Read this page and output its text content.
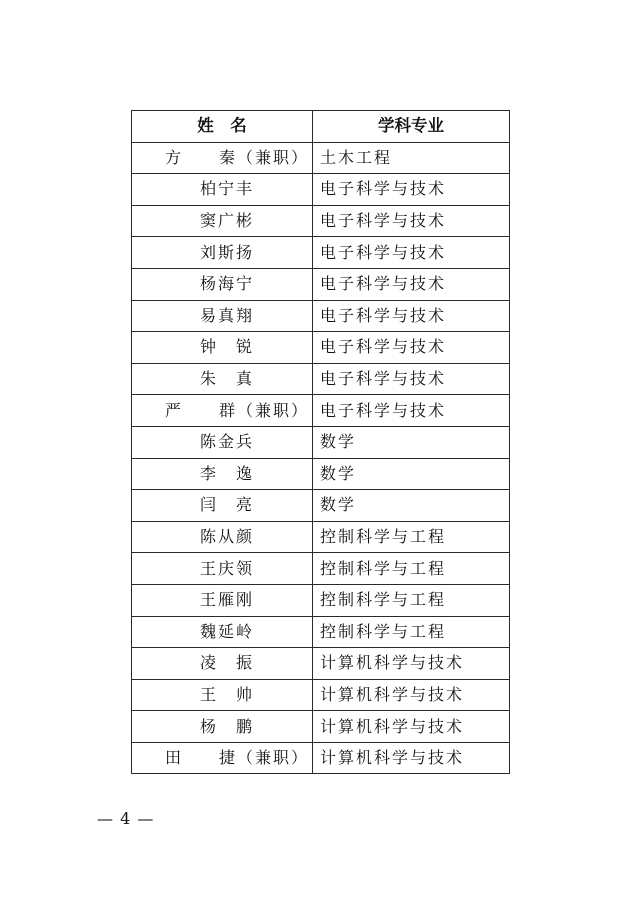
姓　名	学科专业
方　　秦（兼职）	土木工程
柏宁丰	电子科学与技术
窦广彬	电子科学与技术
刘斯扬	电子科学与技术
杨海宁	电子科学与技术
易真翔	电子科学与技术
钟　锐	电子科学与技术
朱　真	电子科学与技术
严　　群（兼职）	电子科学与技术
陈金兵	数学
李　逸	数学
闫　亮	数学
陈从颜	控制科学与工程
王庆领	控制科学与工程
王雁刚	控制科学与工程
魏延岭	控制科学与工程
凌　振	计算机科学与技术
王　帅	计算机科学与技术
杨　鹏	计算机科学与技术
田　　捷（兼职）	计算机科学与技术
— 4 —
